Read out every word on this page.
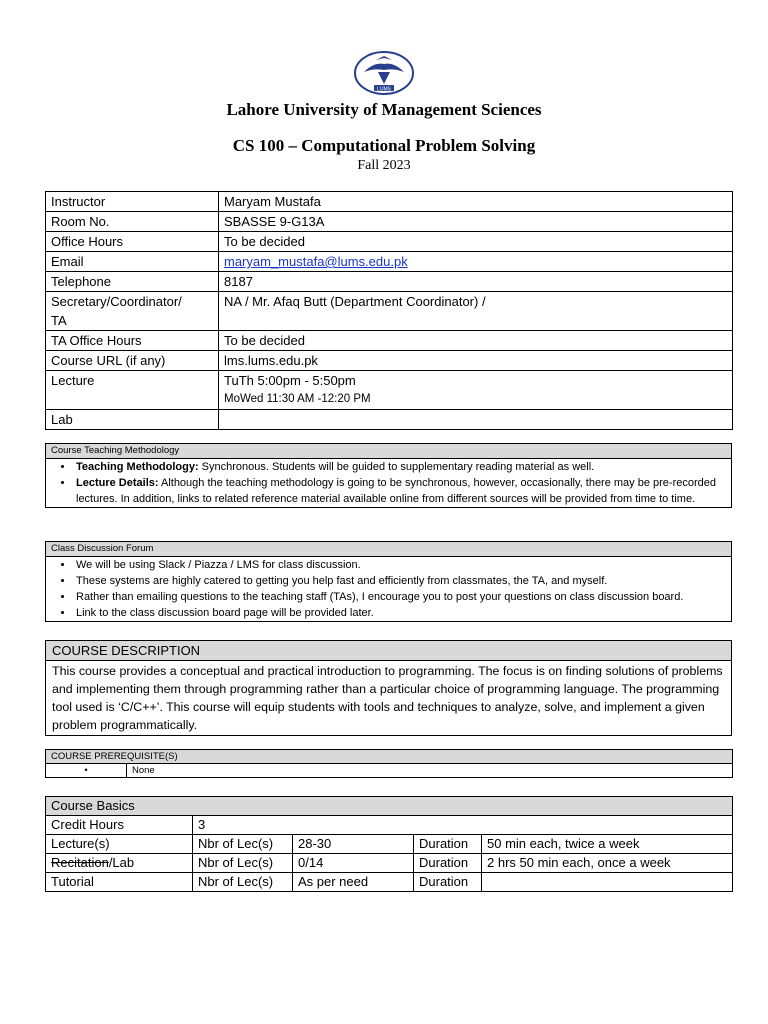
LUMS
Lahore University of Management Sciences
CS 100 – Computational Problem Solving
Fall 2023
Instructor	Maryam Mustafa
Room No.	SBASSE 9-G13A
Office Hours	To be decided
Email	maryam_mustafa@lums.edu.pk
Telephone	8187

Secretary/Coordinator/
TA	NA / Mr. Afaq Butt (Department Coordinator) /
TA Office Hours	To be decided
Course URL (if any)	lms.lums.edu.pk
Lecture	TuTh 5:00pm - 5:50pm
MoWed 11:30 AM -12:20 PM

Lab	
Course Teaching Methodology
• Teaching Methodology: Synchronous. Students will be guided to supplementary reading material as well.
• Lecture Details: Although the teaching methodology is going to be synchronous, however, occasionally, there may be pre-recorded lectures. In addition, links to related reference material available online from different sources will be provided from time to time.
Class Discussion Forum
• We will be using Slack / Piazza / LMS for class discussion.
• These systems are highly catered to getting you help fast and efficiently from classmates, the TA, and myself.
• Rather than emailing questions to the teaching staff (TAs), I encourage you to post your questions on class discussion board.
• Link to the class discussion board page will be provided later.
COURSE DESCRIPTION
This course provides a conceptual and practical introduction to programming. The focus is on finding solutions of problems and implementing them through programming rather than a particular choice of programming language. The programming tool used is ‘C/C++’. This course will equip students with tools and techniques to analyze, solve, and implement a given problem programmatically.
COURSE PREREQUISITE(S)
•	None
Course Basics				
Credit Hours	3			
Lecture(s)	Nbr of Lec(s)	28-30	Duration	50 min each, twice a week
Recitation/Lab	Nbr of Lec(s)	0/14	Duration	2 hrs 50 min each, once a week
Tutorial	Nbr of Lec(s)	As per need	Duration	
